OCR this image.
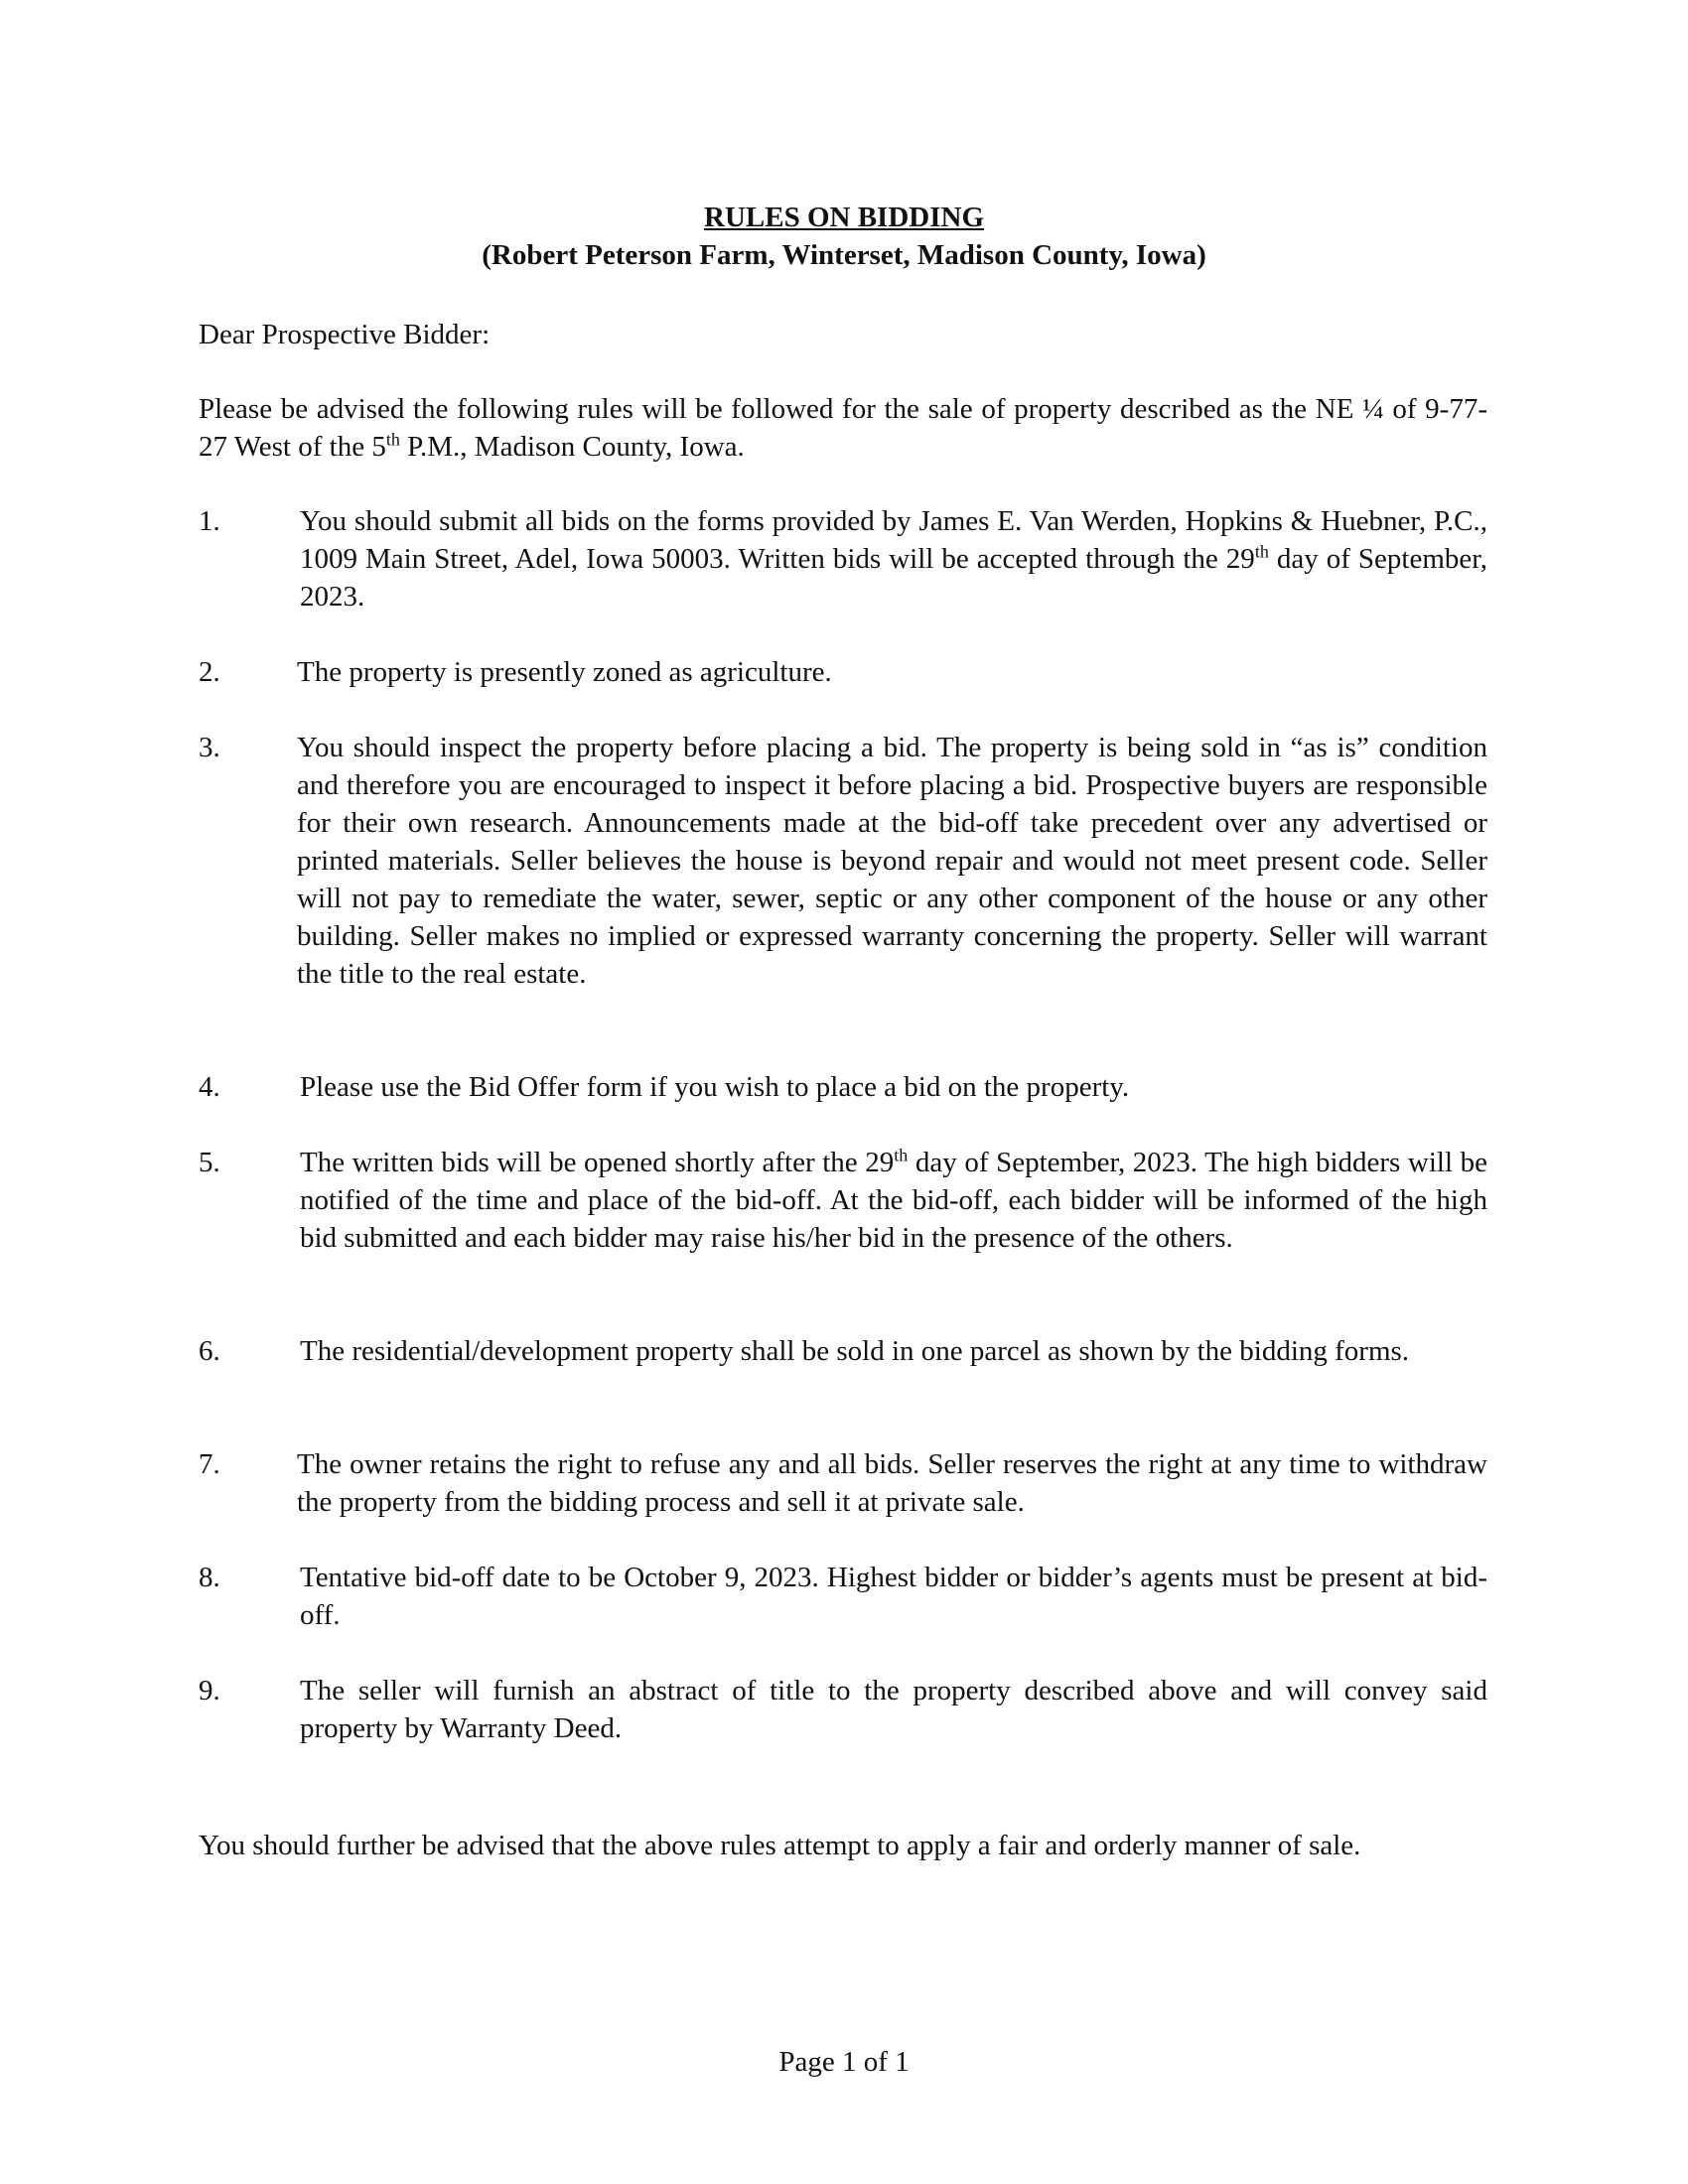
RULES ON BIDDING
(Robert Peterson Farm, Winterset, Madison County, Iowa)
Dear Prospective Bidder:
Please be advised the following rules will be followed for the sale of property described as the NE ¼ of 9-77-27 West of the 5th P.M., Madison County, Iowa.
1.	You should submit all bids on the forms provided by James E. Van Werden, Hopkins & Huebner, P.C., 1009 Main Street, Adel, Iowa 50003. Written bids will be accepted through the 29th day of September, 2023.
2.	The property is presently zoned as agriculture.
3.	You should inspect the property before placing a bid. The property is being sold in “as is” condition and therefore you are encouraged to inspect it before placing a bid. Prospective buyers are responsible for their own research. Announcements made at the bid-off take precedent over any advertised or printed materials. Seller believes the house is beyond repair and would not meet present code. Seller will not pay to remediate the water, sewer, septic or any other component of the house or any other building. Seller makes no implied or expressed warranty concerning the property. Seller will warrant the title to the real estate.
4.	Please use the Bid Offer form if you wish to place a bid on the property.
5.	The written bids will be opened shortly after the 29th day of September, 2023. The high bidders will be notified of the time and place of the bid-off. At the bid-off, each bidder will be informed of the high bid submitted and each bidder may raise his/her bid in the presence of the others.
6.	The residential/development property shall be sold in one parcel as shown by the bidding forms.
7.	The owner retains the right to refuse any and all bids. Seller reserves the right at any time to withdraw the property from the bidding process and sell it at private sale.
8.	Tentative bid-off date to be October 9, 2023. Highest bidder or bidder’s agents must be present at bid-off.
9.	The seller will furnish an abstract of title to the property described above and will convey said property by Warranty Deed.
You should further be advised that the above rules attempt to apply a fair and orderly manner of sale.
Page 1 of 1
